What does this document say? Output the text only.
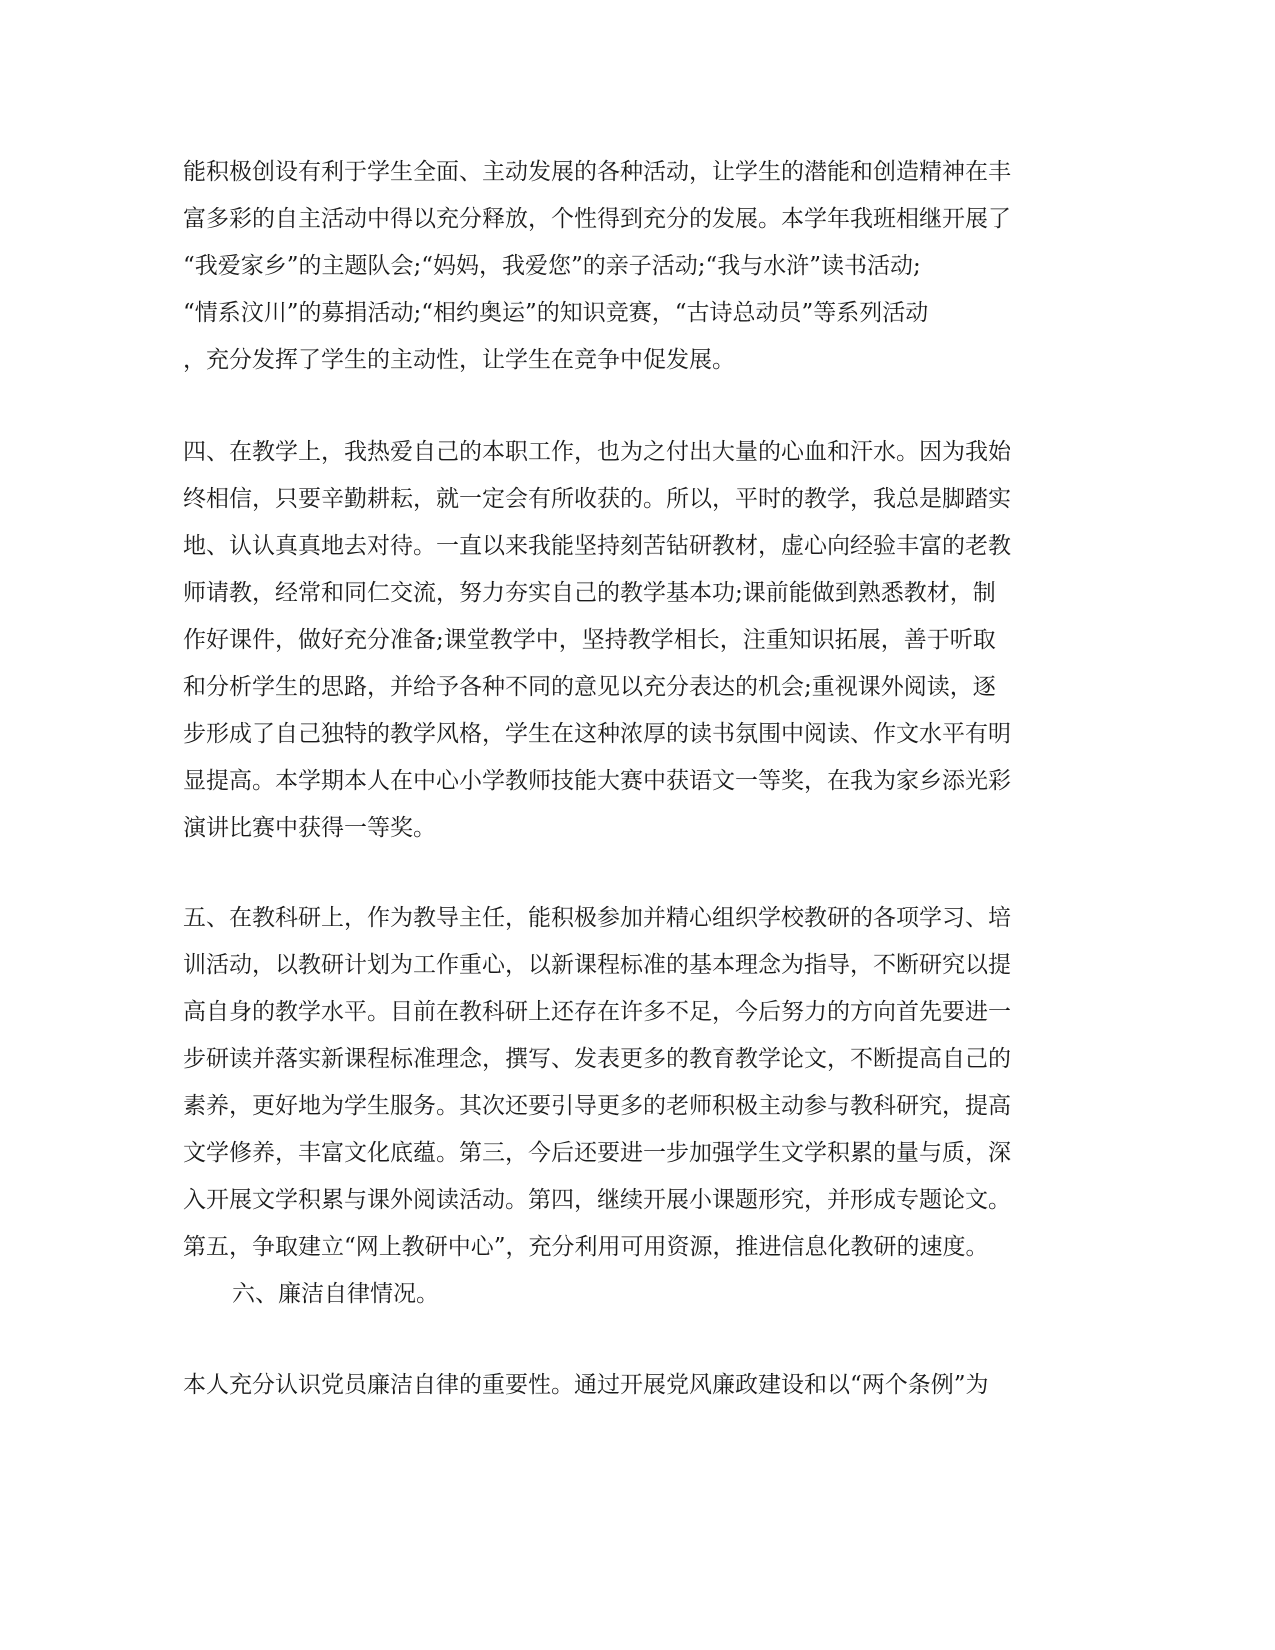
能积极创设有利于学生全面、主动发展的各种活动，让学生的潜能和创造精神在丰
富多彩的自主活动中得以充分释放，个性得到充分的发展。本学年我班相继开展了
“我爱家乡”的主题队会;“妈妈，我爱您”的亲子活动;“我与水浒”读书活动;
“情系汶川”的募捐活动;“相约奥运”的知识竞赛，“古诗总动员”等系列活动
，充分发挥了学生的主动性，让学生在竞争中促发展。
四、在教学上，我热爱自己的本职工作，也为之付出大量的心血和汗水。因为我始
终相信，只要辛勤耕耘，就一定会有所收获的。所以，平时的教学，我总是脚踏实
地、认认真真地去对待。一直以来我能坚持刻苦钻研教材，虚心向经验丰富的老教
师请教，经常和同仁交流，努力夯实自己的教学基本功;课前能做到熟悉教材，制
作好课件，做好充分准备;课堂教学中，坚持教学相长，注重知识拓展，善于听取
和分析学生的思路，并给予各种不同的意见以充分表达的机会;重视课外阅读，逐
步形成了自己独特的教学风格，学生在这种浓厚的读书氛围中阅读、作文水平有明
显提高。本学期本人在中心小学教师技能大赛中获语文一等奖，在我为家乡添光彩
演讲比赛中获得一等奖。
五、在教科研上，作为教导主任，能积极参加并精心组织学校教研的各项学习、培
训活动，以教研计划为工作重心，以新课程标准的基本理念为指导，不断研究以提
高自身的教学水平。目前在教科研上还存在许多不足，今后努力的方向首先要进一
步研读并落实新课程标准理念，撰写、发表更多的教育教学论文，不断提高自己的
素养，更好地为学生服务。其次还要引导更多的老师积极主动参与教科研究，提高
文学修养，丰富文化底蕴。第三，今后还要进一步加强学生文学积累的量与质，深
入开展文学积累与课外阅读活动。第四，继续开展小课题形究，并形成专题论文。
第五，争取建立“网上教研中心”，充分利用可用资源，推进信息化教研的速度。
六、廉洁自律情况。
本人充分认识党员廉洁自律的重要性。通过开展党风廉政建设和以“两个条例”为
